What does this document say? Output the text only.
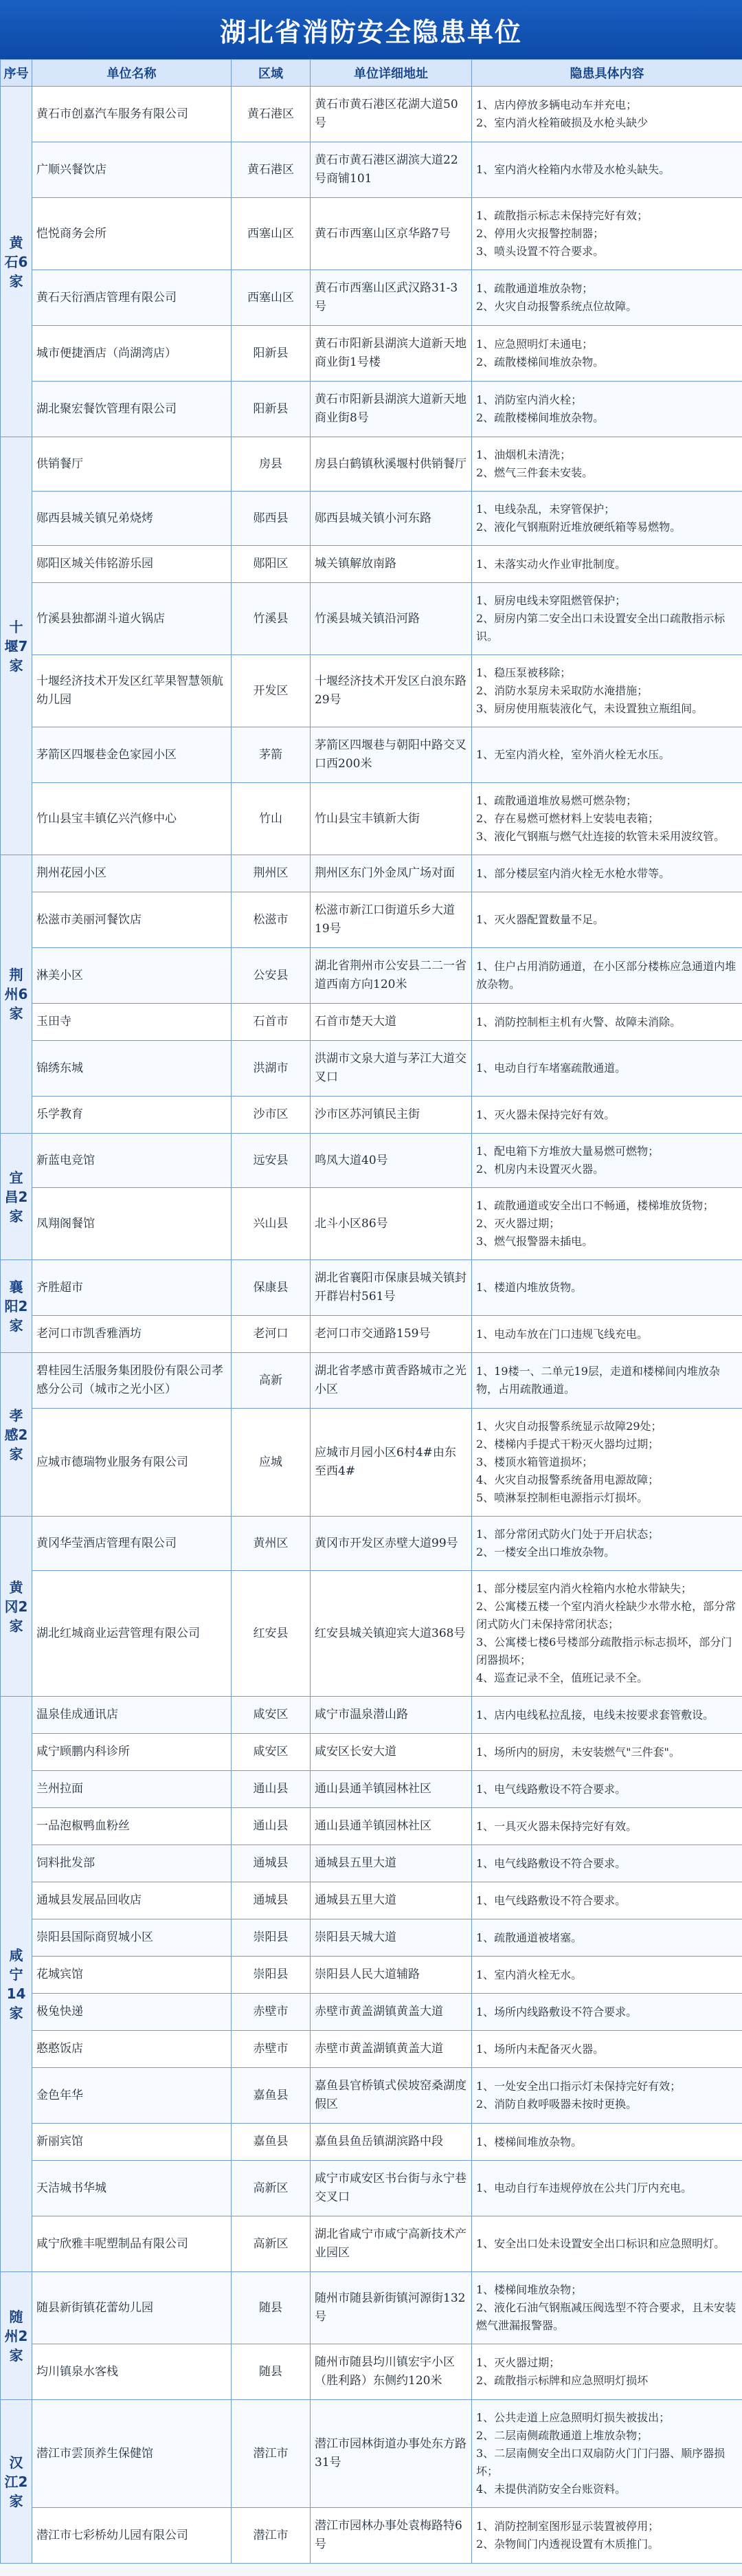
湖北省消防安全隐患单位
序号	单位名称	区域	单位详细地址	隐患具体内容
黄石6家	黄石市创嘉汽车服务有限公司	黄石港区	黄石市黄石港区花湖大道50号	1、店内停放多辆电动车并充电；
2、室内消火栓箱破损及水枪头缺少

	广顺兴餐饮店	黄石港区	黄石市黄石港区湖滨大道22号商铺101	1、室内消火栓箱内水带及水枪头缺失。

	恺悦商务会所	西塞山区	黄石市西塞山区京华路7号	1、疏散指示标志未保持完好有效；
2、停用火灾报警控制器；
3、喷头设置不符合要求。

	黄石天衍酒店管理有限公司	西塞山区	黄石市西塞山区武汉路31-3号	1、疏散通道堆放杂物；
2、火灾自动报警系统点位故障。

	城市便捷酒店（尚湖湾店）	阳新县	黄石市阳新县湖滨大道新天地商业街1号楼	1、应急照明灯未通电；
2、疏散楼梯间堆放杂物。

	湖北聚宏餐饮管理有限公司	阳新县	黄石市阳新县湖滨大道新天地商业街8号	1、消防室内消火栓；
2、疏散楼梯间堆放杂物。

十堰7家	供销餐厅	房县	房县白鹤镇秋溪堰村供销餐厅	1、油烟机未清洗；
2、燃气三件套未安装。

	郧西县城关镇兄弟烧烤	郧西县	郧西县城关镇小河东路	1、电线杂乱，未穿管保护；
2、液化气钢瓶附近堆放硬纸箱等易燃物。

	郧阳区城关伟铭游乐园	郧阳区	城关镇解放南路	1、未落实动火作业审批制度。

	竹溪县独都湖斗道火锅店	竹溪县	竹溪县城关镇沿河路	1、厨房电线未穿阻燃管保护；
2、厨房内第二安全出口未设置安全出口疏散指示标识。

	十堰经济技术开发区红苹果智慧领航幼儿园	开发区	十堰经济技术开发区白浪东路29号	1、稳压泵被移除；
2、消防水泵房未采取防水淹措施；
3、厨房使用瓶装液化气，未设置独立瓶组间。

	茅箭区四堰巷金色家园小区	茅箭	茅箭区四堰巷与朝阳中路交叉口西200米	1、无室内消火栓，室外消火栓无水压。

	竹山县宝丰镇亿兴汽修中心	竹山	竹山县宝丰镇新大街	1、疏散通道堆放易燃可燃杂物；
2、存在易燃可燃材料上安装电表箱；
3、液化气钢瓶与燃气灶连接的软管未采用波纹管。

荆州6家	荆州花园小区	荆州区	荆州区东门外金凤广场对面	1、部分楼层室内消火栓无水枪水带等。

	松滋市美丽河餐饮店	松滋市	松滋市新江口街道乐乡大道19号	1、灭火器配置数量不足。

	淋美小区	公安县	湖北省荆州市公安县二二一省道西南方向120米	1、住户占用消防通道，在小区部分楼栋应急通道内堆放杂物。

	玉田寺	石首市	石首市楚天大道	1、消防控制柜主机有火警、故障未消除。

	锦绣东城	洪湖市	洪湖市文泉大道与茅江大道交叉口	1、电动自行车堵塞疏散通道。

	乐学教育	沙市区	沙市区苏河镇民主街	1、灭火器未保持完好有效。

宜昌2家	新蓝电竞馆	远安县	鸣凤大道40号	1、配电箱下方堆放大量易燃可燃物；
2、机房内未设置灭火器。

	凤翔阁餐馆	兴山县	北斗小区86号	1、疏散通道或安全出口不畅通，楼梯堆放货物；
2、灭火器过期；
3、燃气报警器未插电。

襄阳2家	齐胜超市	保康县	湖北省襄阳市保康县城关镇封开群岩村561号	1、楼道内堆放货物。

	老河口市凯香雅酒坊	老河口	老河口市交通路159号	1、电动车放在门口违规飞线充电。

孝感2家	碧桂园生活服务集团股份有限公司孝感分公司（城市之光小区）	高新	湖北省孝感市黄香路城市之光小区	1、19楼一、二单元19层，走道和楼梯间内堆放杂物，占用疏散通道。

	应城市德瑞物业服务有限公司	应城	应城市月园小区6村4#由东至西4#	1、火灾自动报警系统显示故障29处；
2、楼梯内手提式干粉灭火器均过期；
3、楼顶水箱管道损坏；
4、火灾自动报警系统备用电源故障；
5、喷淋泵控制柜电源指示灯损坏。

黄冈2家	黄冈华莹酒店管理有限公司	黄州区	黄冈市开发区赤壁大道99号	1、部分常闭式防火门处于开启状态；
2、一楼安全出口堆放杂物。

	湖北红城商业运营管理有限公司	红安县	红安县城关镇迎宾大道368号	1、部分楼层室内消火栓箱内水枪水带缺失；
2、公寓楼五楼一个室内消火栓缺少水带水枪，部分常闭式防火门未保持常闭状态；
3、公寓楼七楼6号楼部分疏散指示标志损坏，部分门闭器损坏；
4、巡查记录不全，值班记录不全。

咸宁14家	温泉佳成通讯店	咸安区	咸宁市温泉潜山路	1、店内电线私拉乱接，电线未按要求套管敷设。

	咸宁顾鹏内科诊所	咸安区	咸安区长安大道	1、场所内的厨房，未安装燃气"三件套"。

	兰州拉面	通山县	通山县通羊镇园林社区	1、电气线路敷设不符合要求。

	一品泡椒鸭血粉丝	通山县	通山县通羊镇园林社区	1、一具灭火器未保持完好有效。

	饲料批发部	通城县	通城县五里大道	1、电气线路敷设不符合要求。

	通城县发展品回收店	通城县	通城县五里大道	1、电气线路敷设不符合要求。

	崇阳县国际商贸城小区	崇阳县	崇阳县天城大道	1、疏散通道被堵塞。

	花城宾馆	崇阳县	崇阳县人民大道辅路	1、室内消火栓无水。

	极兔快递	赤壁市	赤壁市黄盖湖镇黄盖大道	1、场所内线路敷设不符合要求。

	憨憨饭店	赤壁市	赤壁市黄盖湖镇黄盖大道	1、场所内未配备灭火器。

	金色年华	嘉鱼县	嘉鱼县官桥镇式侯坡窑桑湖度假区	1、一处安全出口指示灯未保持完好有效；
2、消防自救呼吸器未按时更换。

	新丽宾馆	嘉鱼县	嘉鱼县鱼岳镇湖滨路中段	1、楼梯间堆放杂物。

	天洁城书华城	高新区	咸宁市咸安区书台街与永宁巷交叉口	1、电动自行车违规停放在公共门厅内充电。

	咸宁欣雅丰呢塑制品有限公司	高新区	湖北省咸宁市咸宁高新技术产业园区	1、安全出口处未设置安全出口标识和应急照明灯。

随州2家	随县新街镇花蕾幼儿园	随县	随州市随县新街镇河源街132号	1、楼梯间堆放杂物；
2、液化石油气钢瓶减压阀选型不符合要求，且未安装燃气泄漏报警器。

	均川镇泉水客栈	随县	随州市随县均川镇宏宇小区（胜利路）东侧约120米	1、灭火器过期；
2、疏散指示标牌和应急照明灯损坏

汉江2家	潜江市雲顶养生保健馆	潜江市	潜江市园林街道办事处东方路31号	1、公共走道上应急照明灯损失被拔出；
2、二层南侧疏散通道上堆放杂物；
3、二层南侧安全出口双扇防火门门闩器、顺序器损坏；
4、未提供消防安全台账资料。

	潜江市七彩桥幼儿园有限公司	潜江市	潜江市园林办事处袁梅路特6号	1、消防控制室图形显示装置被停用；
2、杂物间门内透视设置有木质推门。
